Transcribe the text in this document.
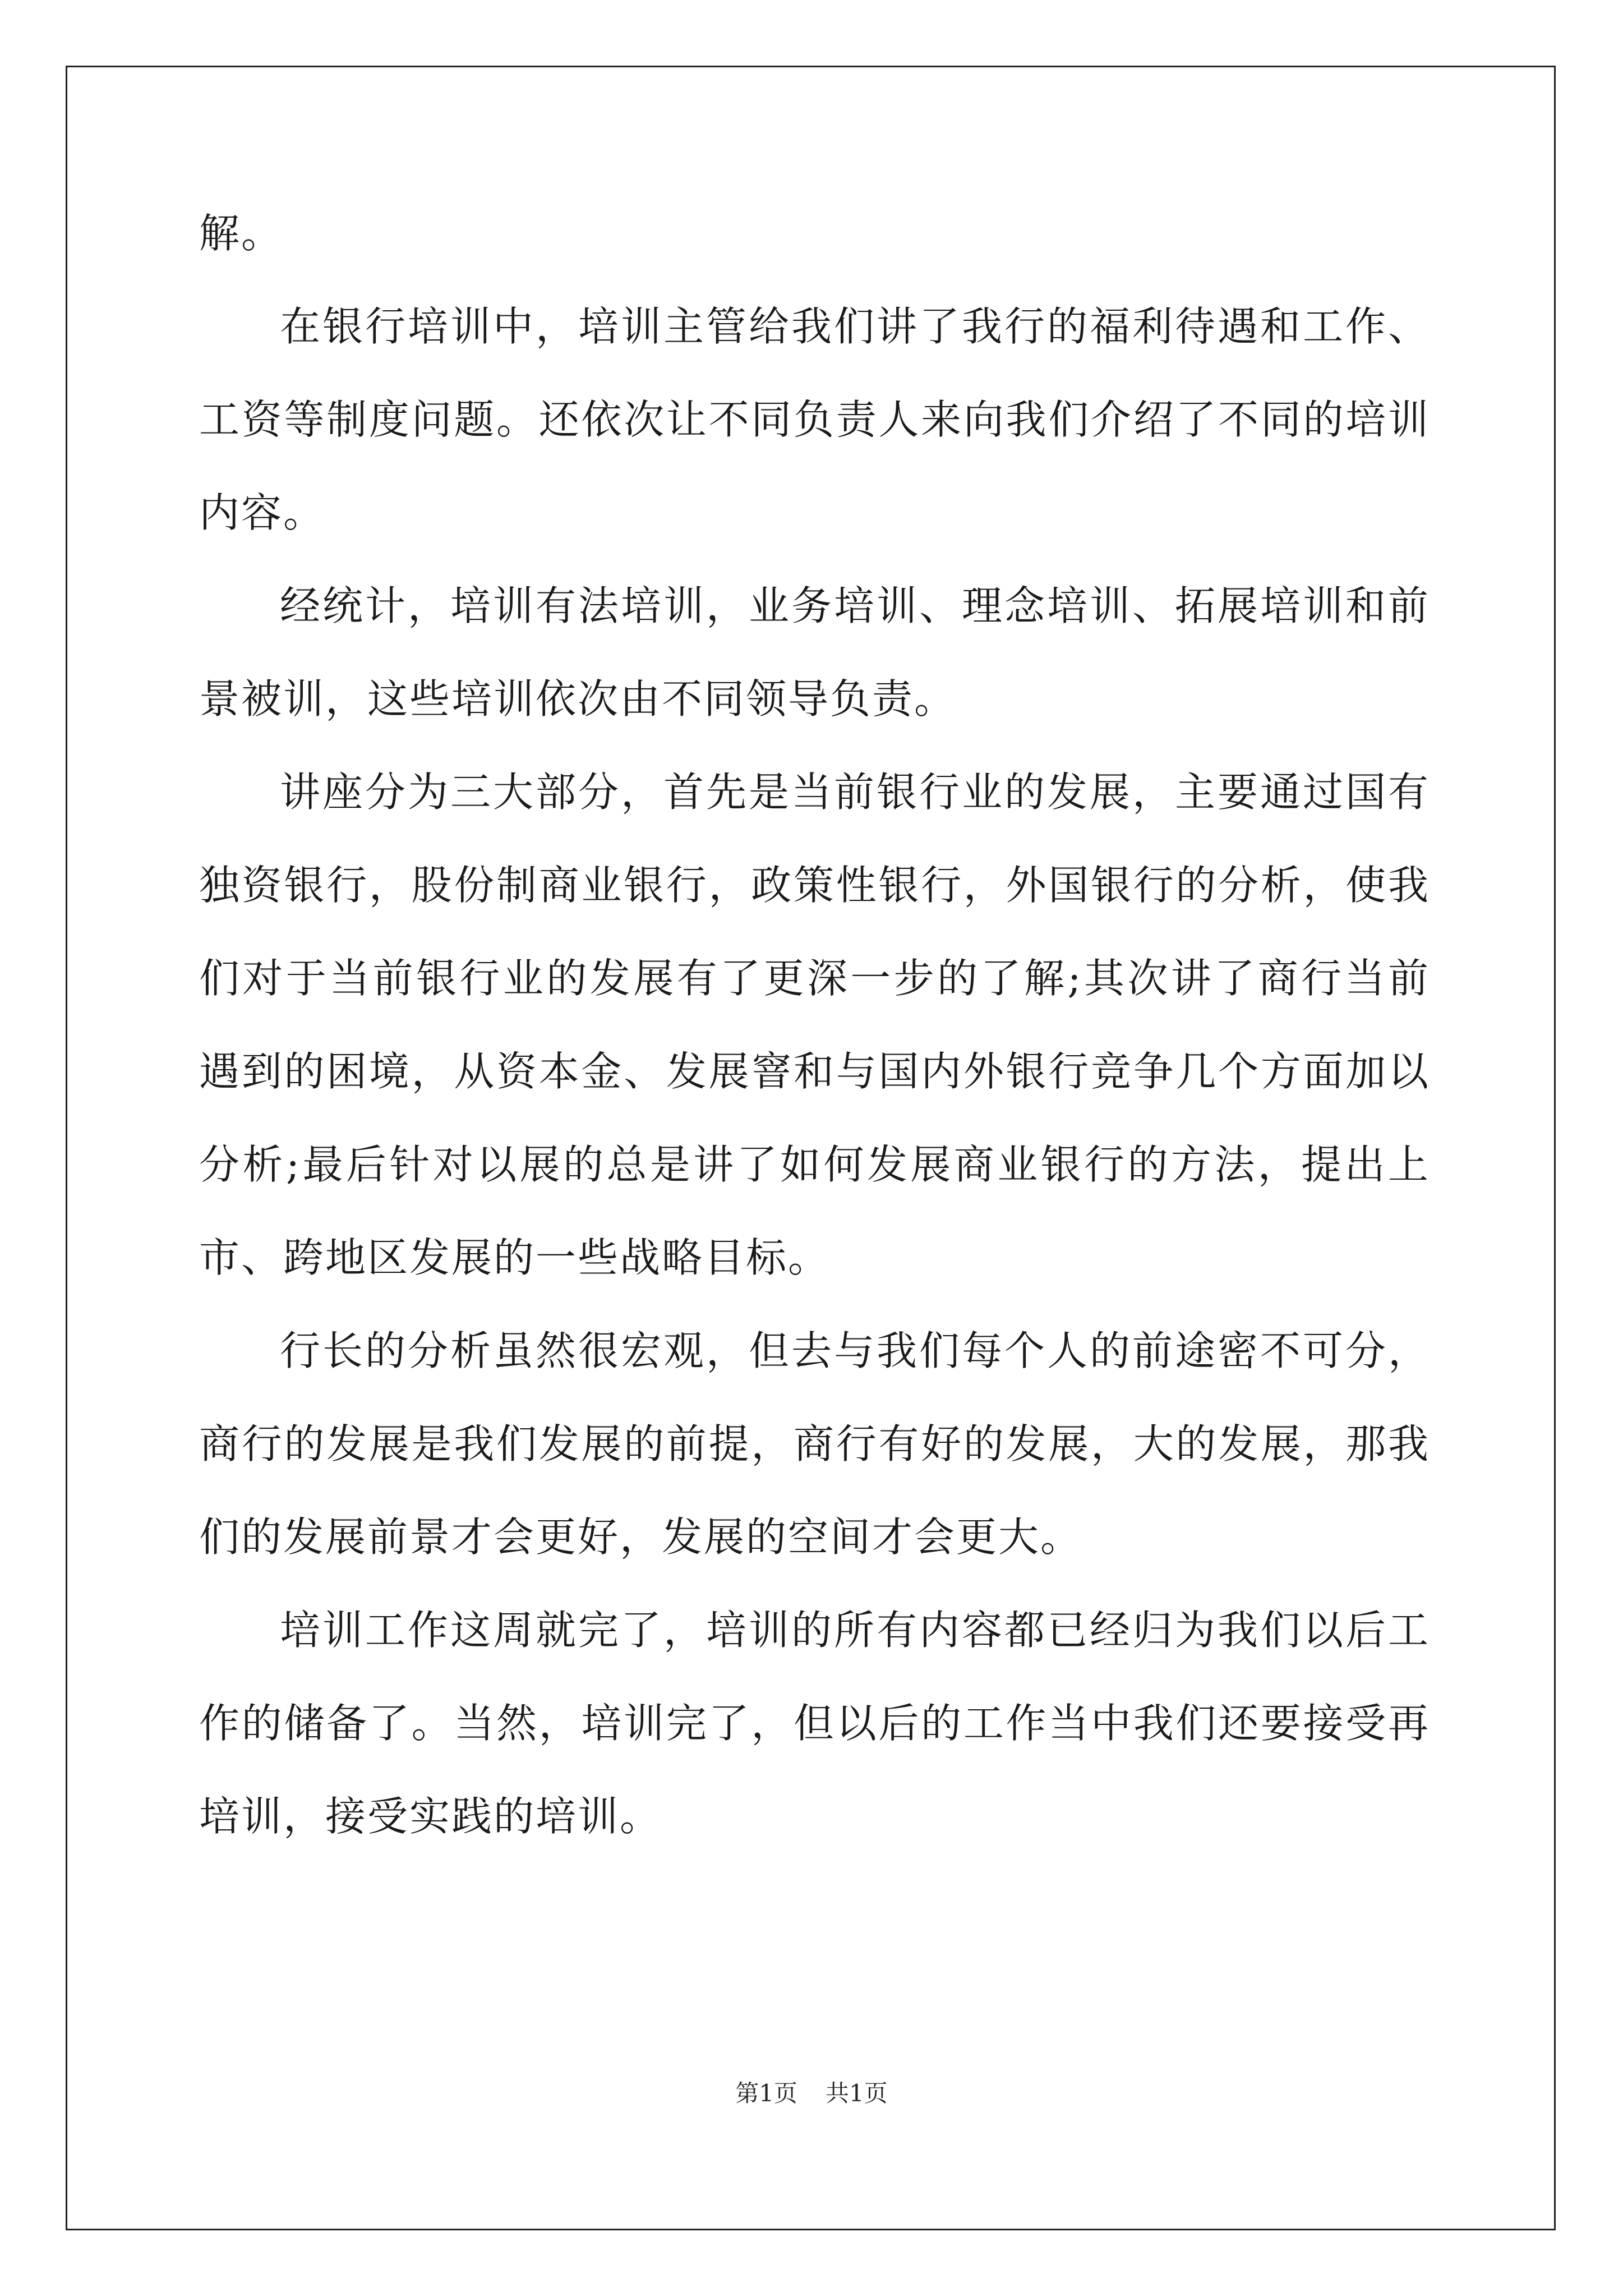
解。

在银行培训中，培训主管给我们讲了我行的福利待遇和工作、工资等制度问题。还依次让不同负责人来向我们介绍了不同的培训内容。

经统计，培训有法培训，业务培训、理念培训、拓展培训和前景被训，这些培训依次由不同领导负责。

讲座分为三大部分，首先是当前银行业的发展，主要通过国有独资银行，股份制商业银行，政策性银行，外国银行的分析，使我们对于当前银行业的发展有了更深一步的了解;其次讲了商行当前遇到的困境，从资本金、发展窨和与国内外银行竞争几个方面加以分析;最后针对以展的总是讲了如何发展商业银行的方法，提出上市、跨地区发展的一些战略目标。

行长的分析虽然很宏观，但去与我们每个人的前途密不可分，商行的发展是我们发展的前提，商行有好的发展，大的发展，那我们的发展前景才会更好，发展的空间才会更大。

培训工作这周就完了，培训的所有内容都已经归为我们以后工作的储备了。当然，培训完了，但以后的工作当中我们还要接受再培训，接受实践的培训。

第1页 共1页
